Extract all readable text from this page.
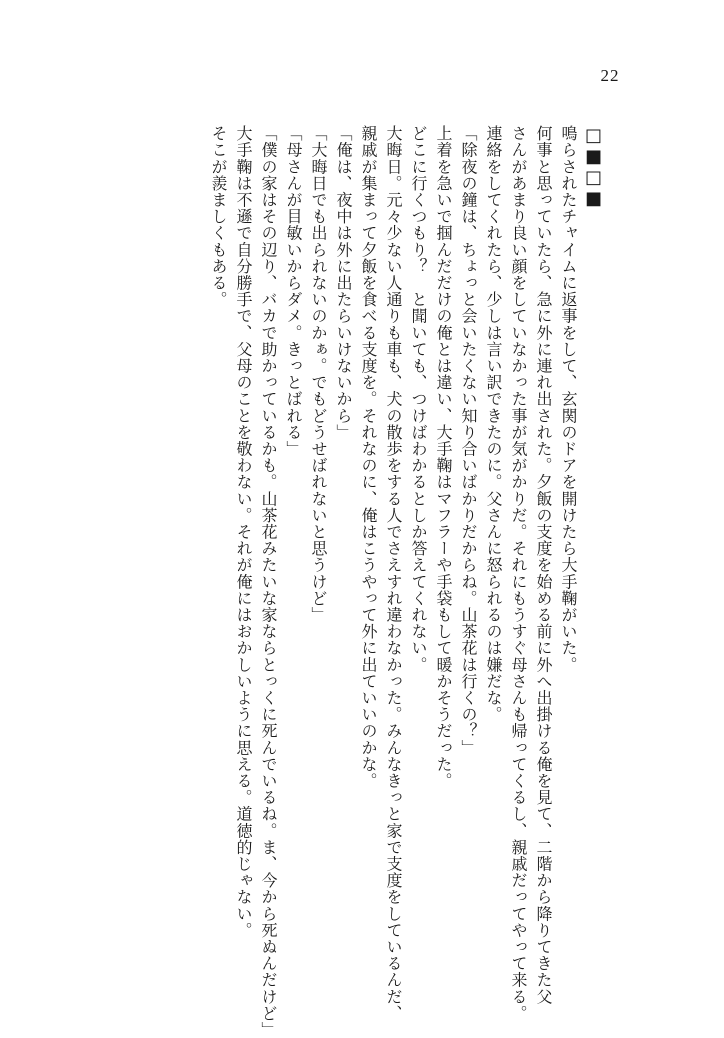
22
□■□■
鳴らされたチャイムに返事をして、玄関のドアを開けたら大手鞠がいた。
何事と思っていたら、急に外に連れ出された。夕飯の支度を始める前に外へ出掛ける俺を見て、二階から降りてきた父
さんがあまり良い顔をしていなかった事が気がかりだ。それにもうすぐ母さんも帰ってくるし、親戚だってやって来る。
連絡をしてくれたら、少しは言い訳できたのに。父さんに怒られるのは嫌だな。
「除夜の鐘は、ちょっと会いたくない知り合いばかりだからね。山茶花は行くの？」
上着を急いで掴んだだけの俺とは違い、大手鞠はマフラーや手袋もして暖かそうだった。
どこに行くつもり？　と聞いても、つけばわかるとしか答えてくれない。
大晦日。元々少ない人通りも車も、犬の散歩をする人でさえすれ違わなかった。みんなきっと家で支度をしているんだ、
親戚が集まって夕飯を食べる支度を。それなのに、俺はこうやって外に出ていいのかな。
「俺は、夜中は外に出たらいけないから」
「大晦日でも出られないのかぁ。でもどうせばれないと思うけど」
「母さんが目敏いからダメ。きっとばれる」
「僕の家はその辺り、バカで助かっているかも。山茶花みたいな家ならとっくに死んでいるね。ま、今から死ぬんだけど」
大手鞠は不遜で自分勝手で、父母のことを敬わない。それが俺にはおかしいように思える。道徳的じゃない。
そこが羨ましくもある。
